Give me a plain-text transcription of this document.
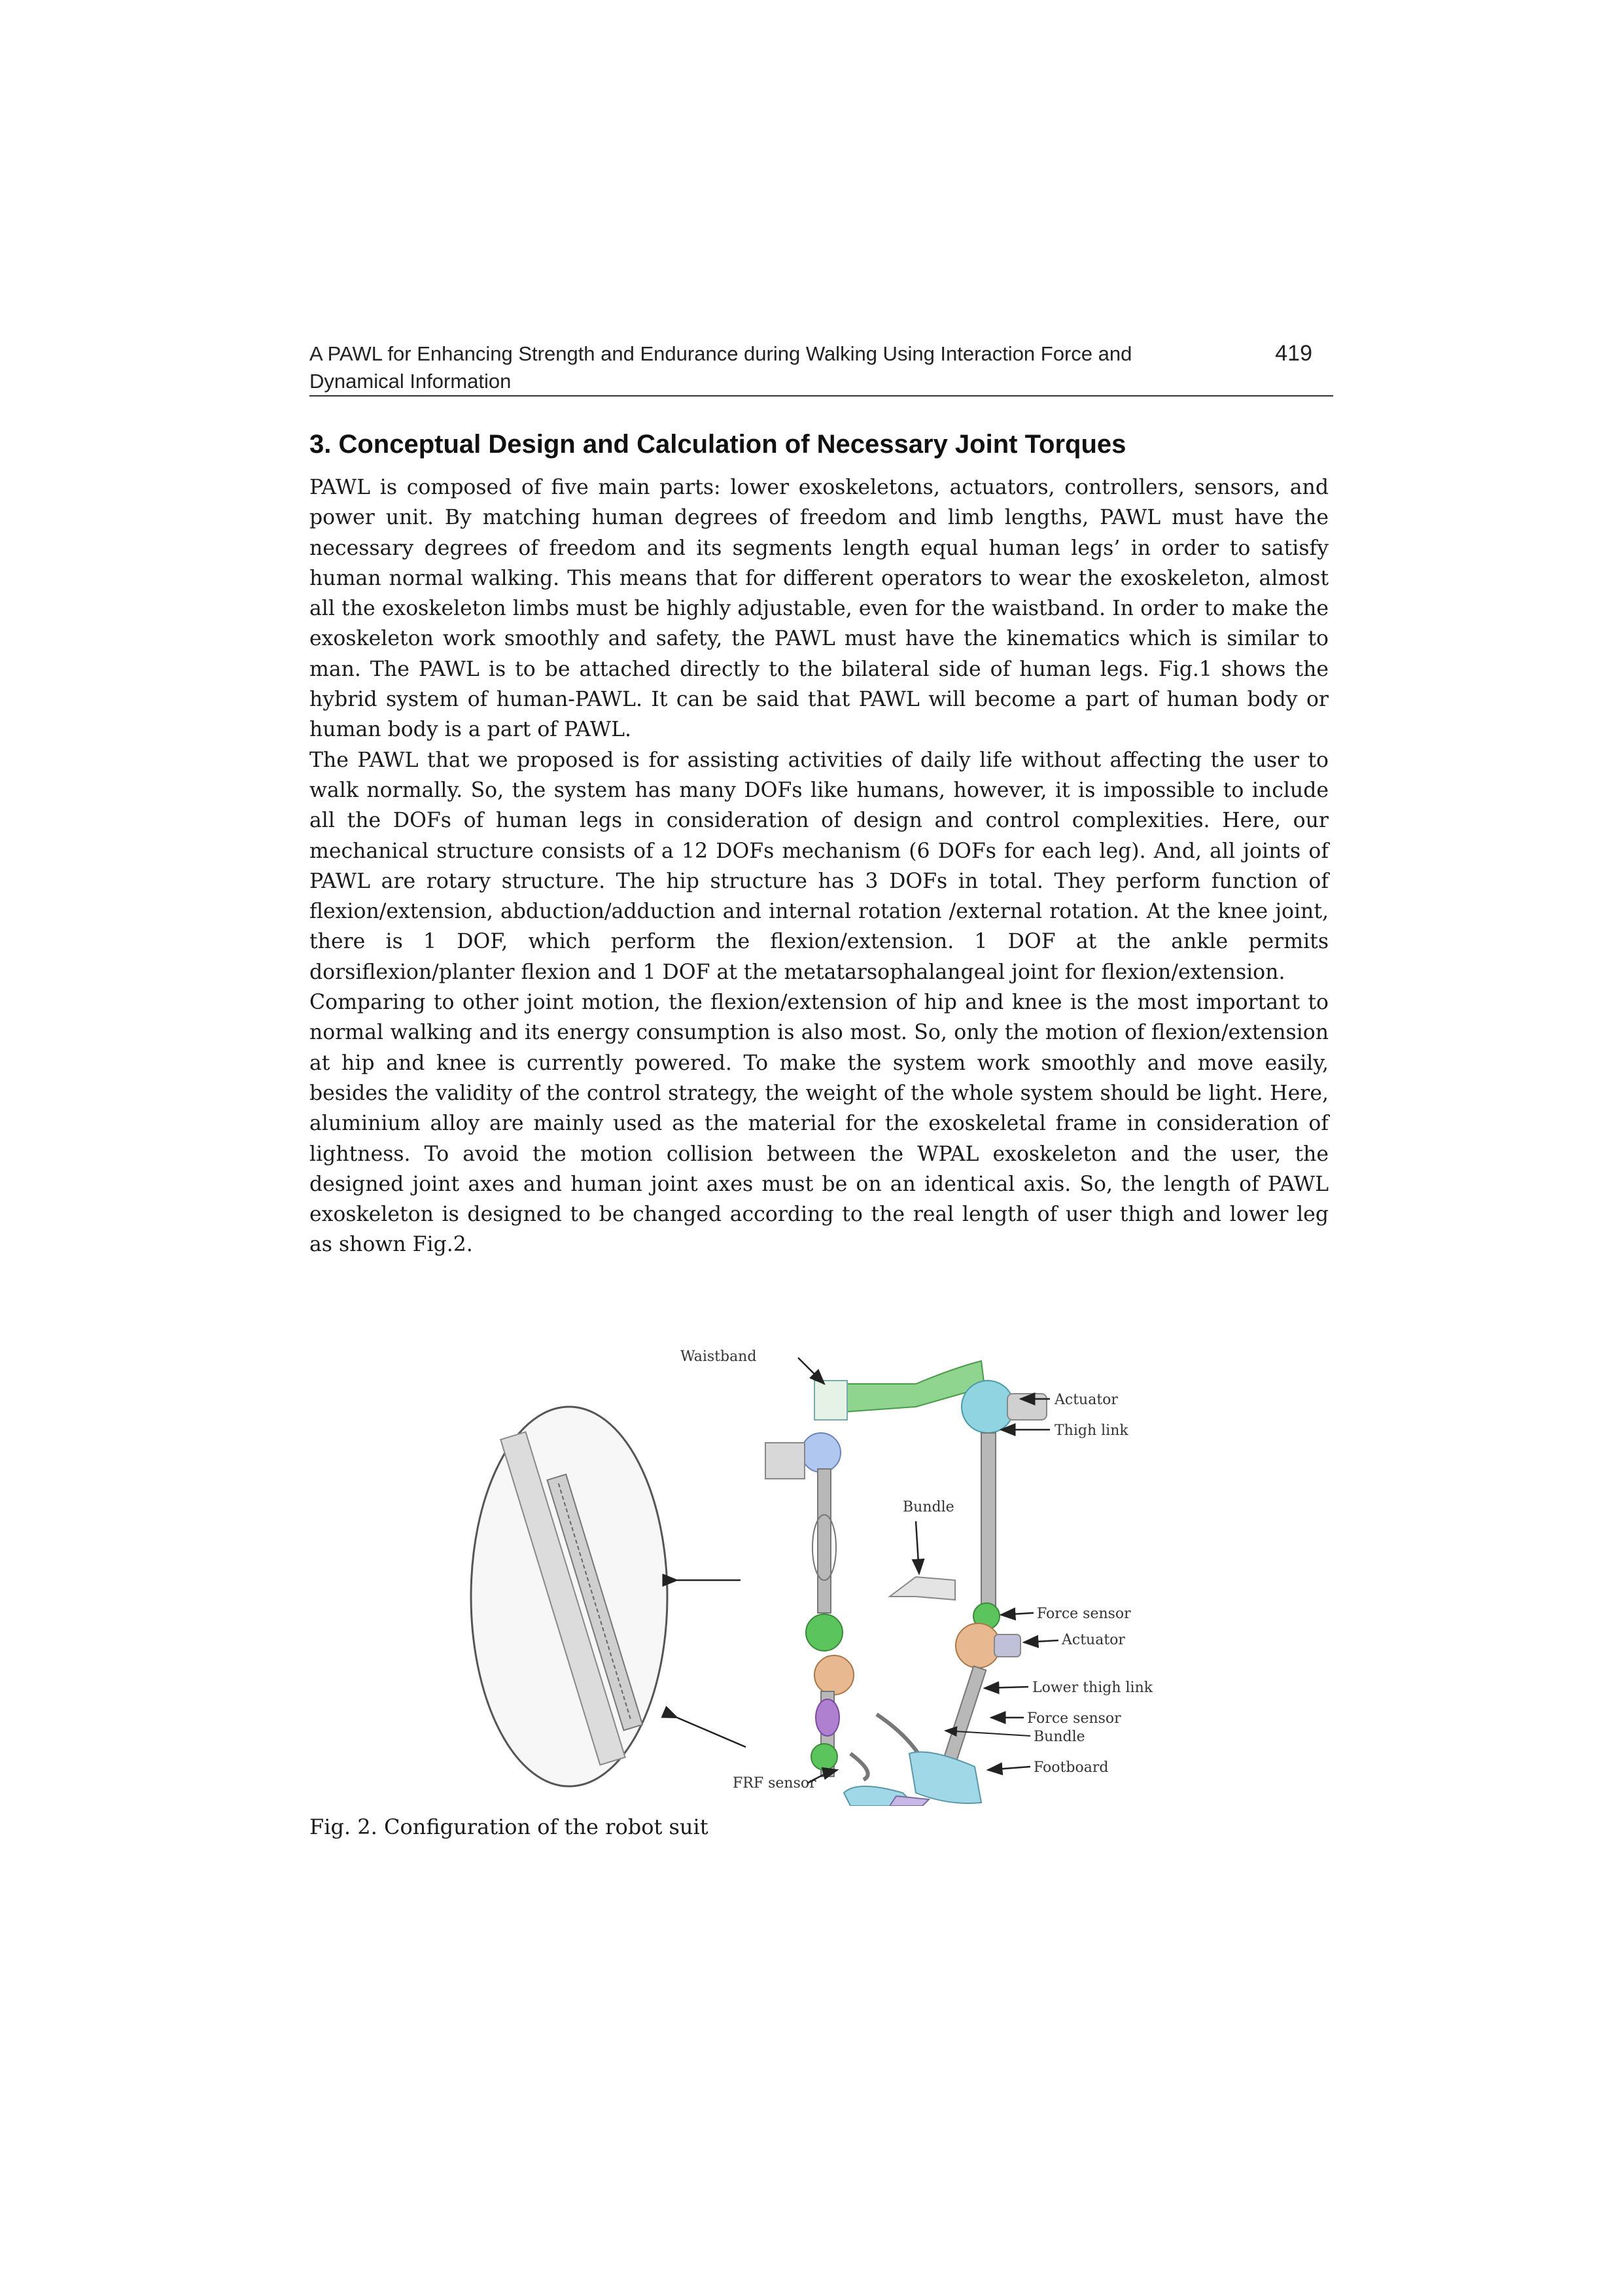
A PAWL for Enhancing Strength and Endurance during Walking Using Interaction Force and Dynamical Information
419
3. Conceptual Design and Calculation of Necessary Joint Torques

PAWL is composed of five main parts: lower exoskeletons, actuators, controllers, sensors, and power unit. By matching human degrees of freedom and limb lengths, PAWL must have the necessary degrees of freedom and its segments length equal human legs’ in order to satisfy human normal walking. This means that for different operators to wear the exoskeleton, almost all the exoskeleton limbs must be highly adjustable, even for the waistband. In order to make the exoskeleton work smoothly and safety, the PAWL must have the kinematics which is similar to man. The PAWL is to be attached directly to the bilateral side of human legs. Fig.1 shows the hybrid system of human-PAWL. It can be said that PAWL will become a part of human body or human body is a part of PAWL.

The PAWL that we proposed is for assisting activities of daily life without affecting the user to walk normally. So, the system has many DOFs like humans, however, it is impossible to include all the DOFs of human legs in consideration of design and control complexities. Here, our mechanical structure consists of a 12 DOFs mechanism (6 DOFs for each leg). And, all joints of PAWL are rotary structure. The hip structure has 3 DOFs in total. They perform function of flexion/extension, abduction/adduction and internal rotation /external rotation. At the knee joint, there is 1 DOF, which perform the flexion/extension. 1 DOF at the ankle permits dorsiflexion/planter flexion and 1 DOF at the metatarsophalangeal joint for flexion/extension.

Comparing to other joint motion, the flexion/extension of hip and knee is the most important to normal walking and its energy consumption is also most. So, only the motion of flexion/extension at hip and knee is currently powered. To make the system work smoothly and move easily, besides the validity of the control strategy, the weight of the whole system should be light. Here, aluminium alloy are mainly used as the material for the exoskeletal frame in consideration of lightness. To avoid the motion collision between the WPAL exoskeleton and the user, the designed joint axes and human joint axes must be on an identical axis. So, the length of PAWL exoskeleton is designed to be changed according to the real length of user thigh and lower leg as shown Fig.2.

Waistband
Actuator
Thigh link
Bundle
Force sensor
Actuator
Lower thigh link
Force sensor
Bundle
Footboard
FRF sensor
Fig. 2. Configuration of the robot suit
